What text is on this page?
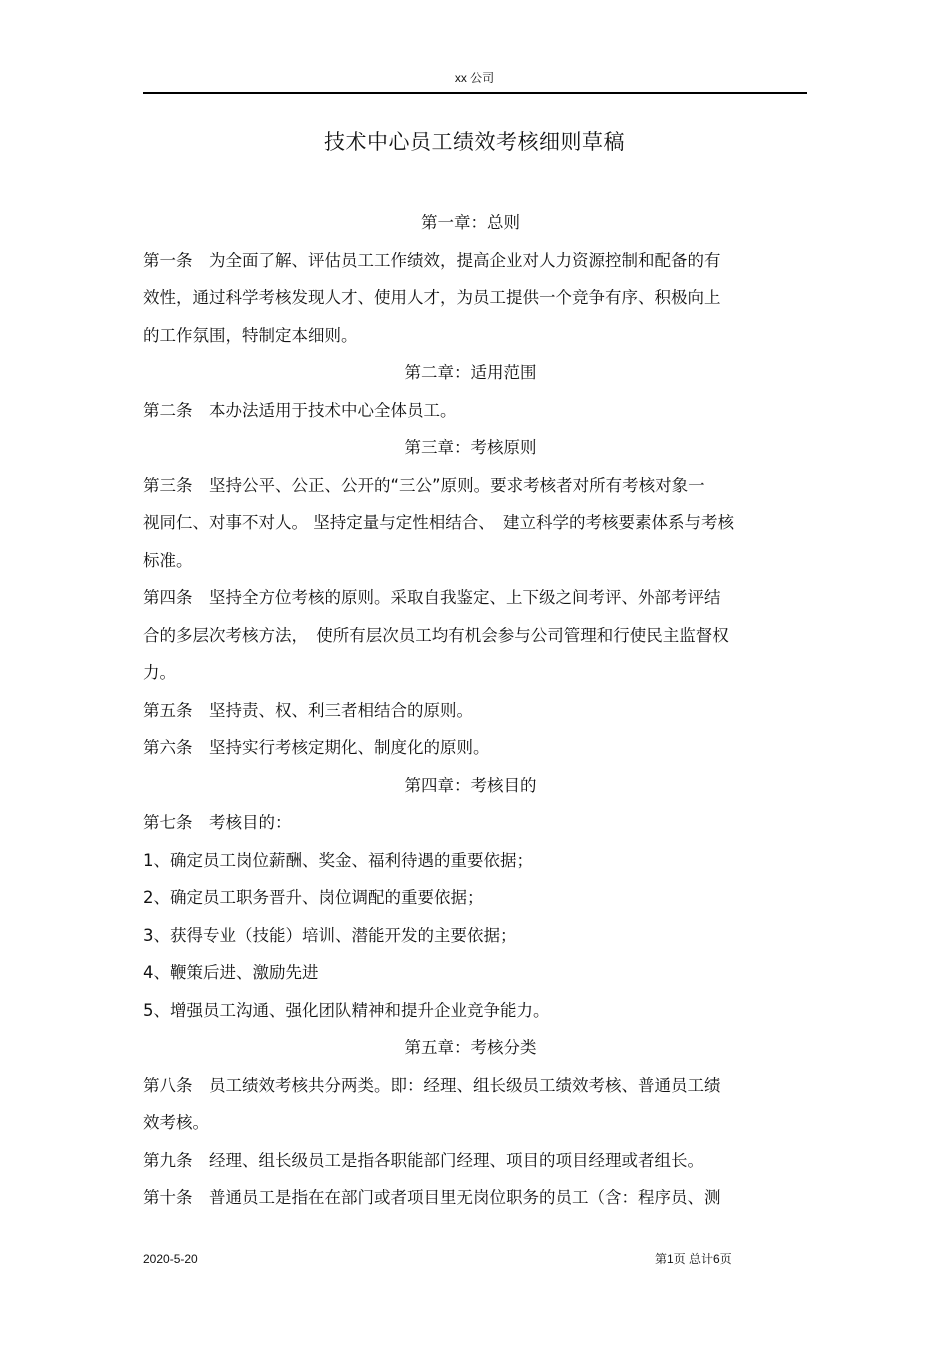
xx 公司
技术中心员工绩效考核细则草稿
第一章：总则
第一条　为全面了解、评估员工工作绩效，提高企业对人力资源控制和配备的有
效性，通过科学考核发现人才、使用人才，为员工提供一个竞争有序、积极向上
的工作氛围，特制定本细则。
第二章：适用范围
第二条　本办法适用于技术中心全体员工。
第三章：考核原则
第三条　坚持公平、公正、公开的“三公”原则。要求考核者对所有考核对象一
视同仁、对事不对人。 坚持定量与定性相结合、　建立科学的考核要素体系与考核
标准。
第四条　坚持全方位考核的原则。采取自我鉴定、上下级之间考评、外部考评结
合的多层次考核方法，　使所有层次员工均有机会参与公司管理和行使民主监督权
力。
第五条　坚持责、权、利三者相结合的原则。
第六条　坚持实行考核定期化、制度化的原则。
第四章：考核目的
第七条　考核目的：
1、确定员工岗位薪酬、奖金、福利待遇的重要依据；
2、确定员工职务晋升、岗位调配的重要依据；
3、获得专业（技能）培训、潜能开发的主要依据；
4、鞭策后进、激励先进
5、增强员工沟通、强化团队精神和提升企业竞争能力。
第五章：考核分类
第八条　员工绩效考核共分两类。即：经理、组长级员工绩效考核、普通员工绩
效考核。
第九条　经理、组长级员工是指各职能部门经理、项目的项目经理或者组长。
第十条　普通员工是指在在部门或者项目里无岗位职务的员工（含：程序员、测
2020-5-20	第1页 总计6页
